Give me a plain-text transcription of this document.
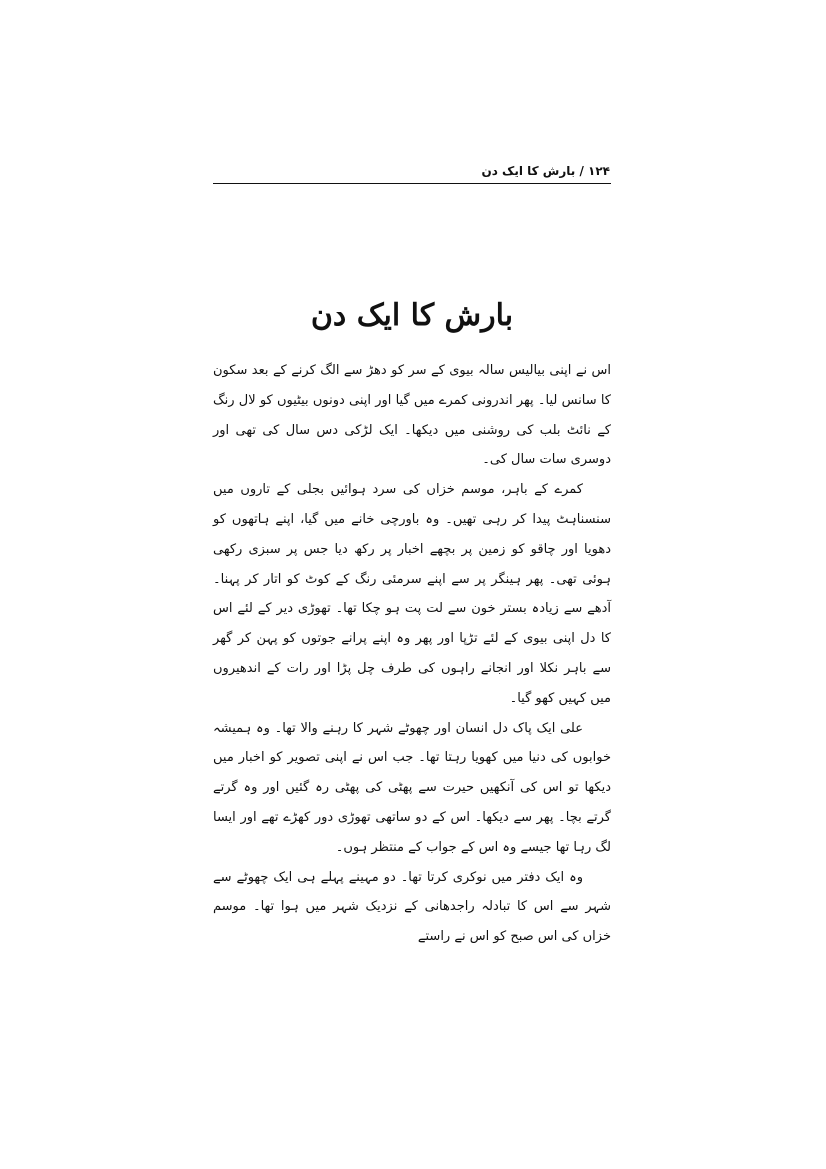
۱۲۴ / بارش کا ایک دن
بارش کا ایک دن

اس نے اپنی بیالیس سالہ بیوی کے سر کو دھڑ سے الگ کرنے کے بعد سکون کا سانس لیا۔ پھر اندرونی کمرے میں گیا اور اپنی دونوں بیٹیوں کو لال رنگ کے نائٹ بلب کی روشنی میں دیکھا۔ ایک لڑکی دس سال کی تھی اور دوسری سات سال کی۔

کمرے کے باہر، موسم خزاں کی سرد ہوائیں بجلی کے تاروں میں سنسناہٹ پیدا کر رہی تھیں۔ وہ باورچی خانے میں گیا، اپنے ہاتھوں کو دھویا اور چاقو کو زمین پر بچھے اخبار پر رکھ دیا جس پر سبزی رکھی ہوئی تھی۔ پھر ہینگر پر سے اپنے سرمئی رنگ کے کوٹ کو اتار کر پہنا۔ آدھے سے زیادہ بستر خون سے لت پت ہو چکا تھا۔ تھوڑی دیر کے لئے اس کا دل اپنی بیوی کے لئے تڑپا اور پھر وہ اپنے پرانے جوتوں کو پہن کر گھر سے باہر نکلا اور انجانے راہوں کی طرف چل پڑا اور رات کے اندھیروں میں کہیں کھو گیا۔

علی ایک پاک دل انسان اور چھوٹے شہر کا رہنے والا تھا۔ وہ ہمیشہ خوابوں کی دنیا میں کھویا رہتا تھا۔ جب اس نے اپنی تصویر کو اخبار میں دیکھا تو اس کی آنکھیں حیرت سے پھٹی کی پھٹی رہ گئیں اور وہ گرتے گرتے بچا۔ پھر سے دیکھا۔ اس کے دو ساتھی تھوڑی دور کھڑے تھے اور ایسا لگ رہا تھا جیسے وہ اس کے جواب کے منتظر ہوں۔

وہ ایک دفتر میں نوکری کرتا تھا۔ دو مہینے پہلے ہی ایک چھوٹے سے شہر سے اس کا تبادلہ راجدھانی کے نزدیک شہر میں ہوا تھا۔ موسم خزاں کی اس صبح کو اس نے راستے
